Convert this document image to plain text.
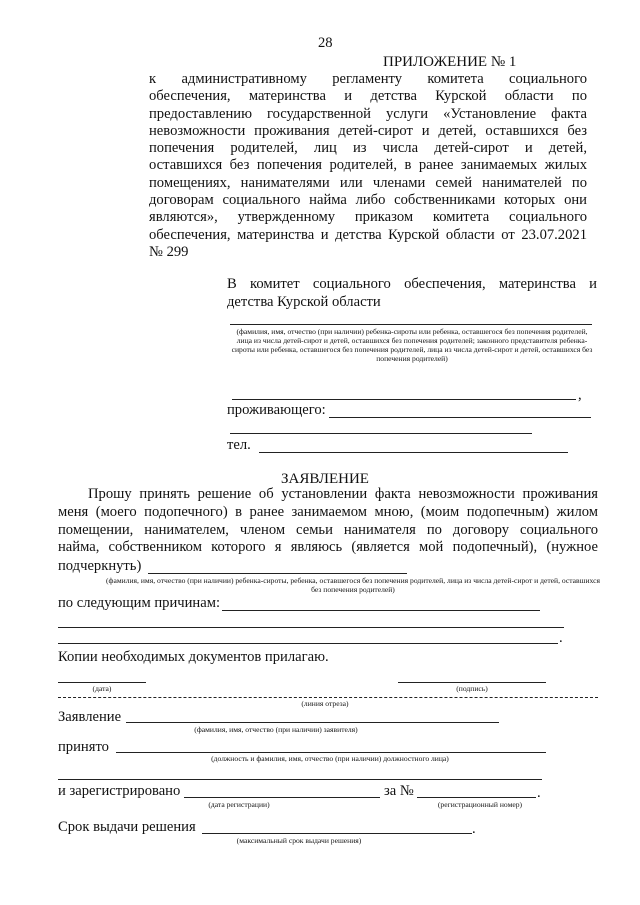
28
ПРИЛОЖЕНИЕ № 1
к административному регламенту комитета социального
обеспечения, материнства и детства Курской области по
предоставлению государственной услуги «Установление факта
невозможности проживания детей-сирот и детей, оставшихся без
попечения родителей, лиц из числа детей-сирот и детей,
оставшихся без попечения родителей, в ранее занимаемых жилых
помещениях, нанимателями или членами семей нанимателей по
договорам социального найма либо собственниками которых они
являются», утвержденному приказом комитета социального
обеспечения, материнства и детства Курской области от 23.07.2021
№ 299
В комитет социального обеспечения, материнства и
детства Курской области
(фамилия, имя, отчество (при наличии) ребенка-сироты или ребенка, оставшегося без попечения родителей, лица из числа детей-сирот и детей, оставшихся без попечения родителей; законного представителя ребенка-сироты или ребенка, оставшегося без попечения родителей, лица из числа детей-сирот и детей, оставшихся без попечения родителей)
,
проживающего:
тел.
ЗАЯВЛЕНИЕ
Прошу принять решение об установлении факта невозможности проживания
меня (моего подопечного) в ранее занимаемом мною, (моим подопечным) жилом
помещении, нанимателем, членом семьи нанимателя по договору социального
найма, собственником которого я являюсь (является мой подопечный), (нужное
подчеркнуть)
(фамилия, имя, отчество (при наличии) ребенка-сироты, ребенка, оставшегося без попечения родителей, лица из числа детей-сирот и детей, оставшихся без попечения родителей)
по следующим причинам:
.
Копии необходимых документов прилагаю.
(дата)	(подпись)
(линия отреза)
Заявление
(фамилия, имя, отчество (при наличии) заявителя)
принято
(должность и фамилия, имя, отчество (при наличии) должностного лица)
и зарегистрировано
(дата регистрации)
за №
(регистрационный номер)
.
Срок выдачи решения	.
(максимальный срок выдачи решения)
